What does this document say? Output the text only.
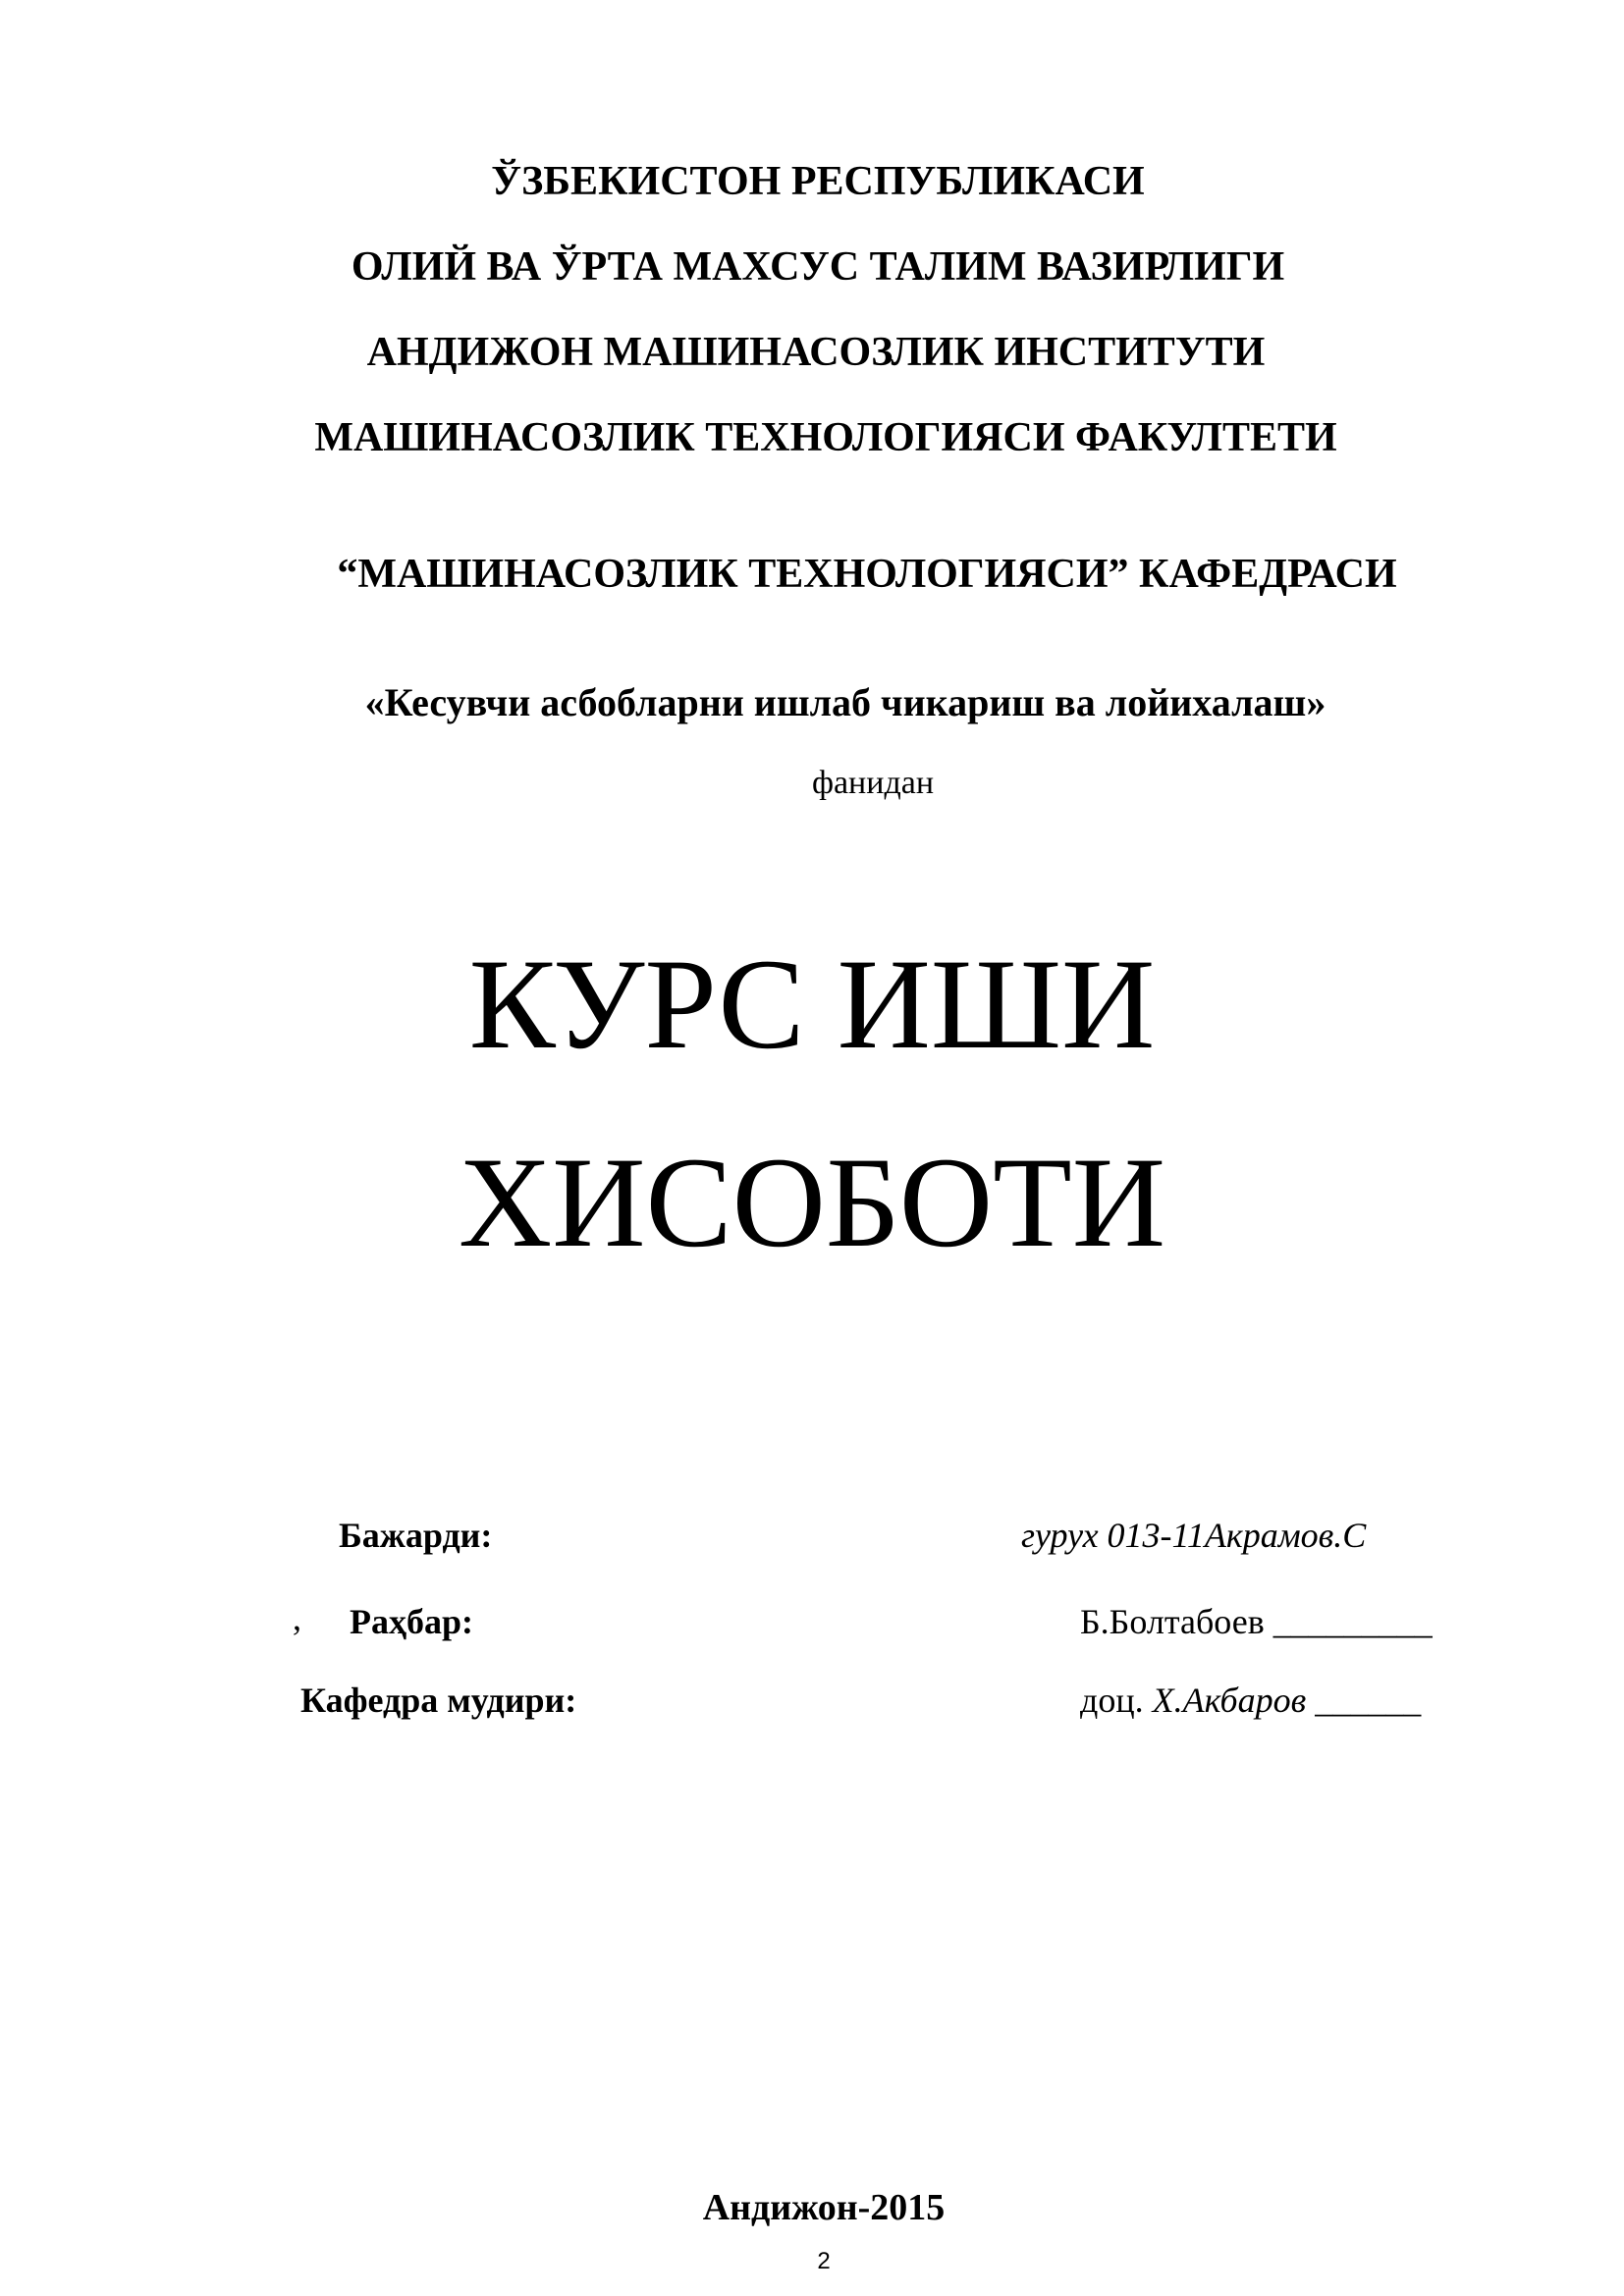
ЎЗБЕКИСТОН РЕСПУБЛИКАСИ
ОЛИЙ ВА ЎРТА МАХСУС ТАЛИМ ВАЗИРЛИГИ
АНДИЖОН МАШИНАСОЗЛИК ИНСТИТУТИ
МАШИНАСОЗЛИК ТЕХНОЛОГИЯСИ ФАКУЛТЕТИ
“МАШИНАСОЗЛИК ТЕХНОЛОГИЯСИ” КАФЕДРАСИ
«Кесувчи асбобларни ишлаб чикариш ва лойихалаш»
фанидан
КУРС ИШИ
ХИСОБОТИ
Бажарди:	гурух 013-11Акрамов.С
, Раҳбар:	Б.Болтабоев _________
Кафедра мудири:	доц. Х.Акбаров ______
Андижон-2015
2
